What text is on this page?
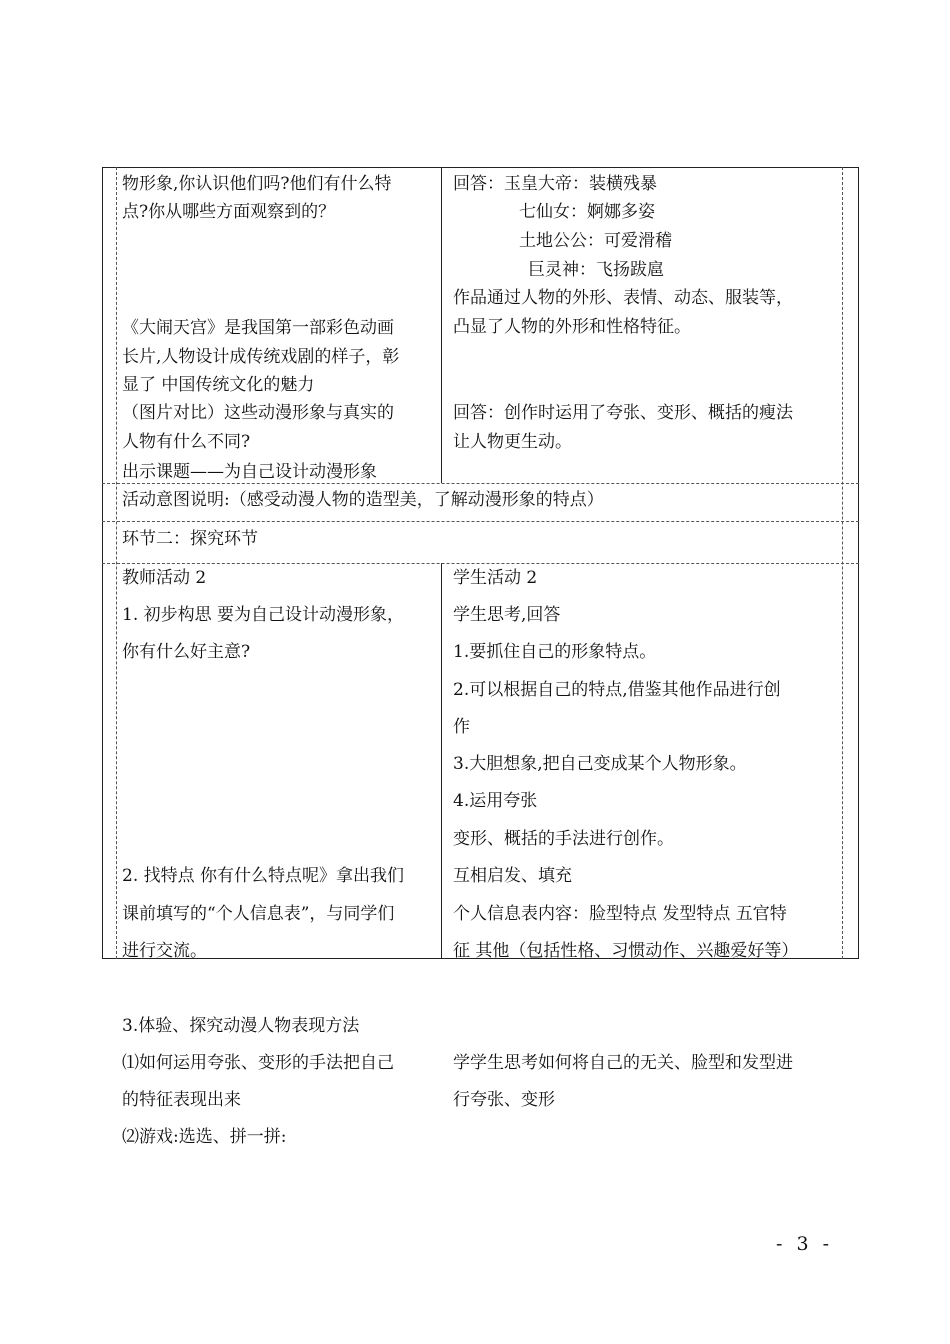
物形象,你认识他们吗?他们有什么特
点?你从哪些方面观察到的？
《大闹天宫》是我国第一部彩色动画
长片,人物设计成传统戏剧的样子，彰
显了 中国传统文化的魅力
（图片对比）这些动漫形象与真实的
人物有什么不同?
出示课题——为自己设计动漫形象
回答：玉皇大帝：装横残暴
七仙女：婀娜多姿
土地公公：可爱滑稽
巨灵神：飞扬跋扈
作品通过人物的外形、表情、动态、服装等，
凸显了人物的外形和性格特征。
回答：创作时运用了夸张、变形、概括的瘦法
让人物更生动。
活动意图说明:（感受动漫人物的造型美，了解动漫形象的特点）
环节二：探究环节
教师活动 2
1. 初步构思 要为自己设计动漫形象，
你有什么好主意?
2. 找特点 你有什么特点呢》拿出我们
课前填写的“个人信息表”，与同学们
进行交流。
3.体验、探究动漫人物表现方法
⑴如何运用夸张、变形的手法把自己
的特征表现出来
⑵游戏:选选、拼一拼:
学生活动 2
学生思考,回答
1.要抓住自己的形象特点。
2.可以根据自己的特点,借鉴其他作品进行创
作
3.大胆想象,把自己变成某个人物形象。
4.运用夸张
变形、概括的手法进行创作。
互相启发、填充
个人信息表内容：脸型特点 发型特点 五官特
征 其他（包括性格、习惯动作、兴趣爱好等）
学学生思考如何将自己的无关、脸型和发型进
行夸张、变形
- 3 -
